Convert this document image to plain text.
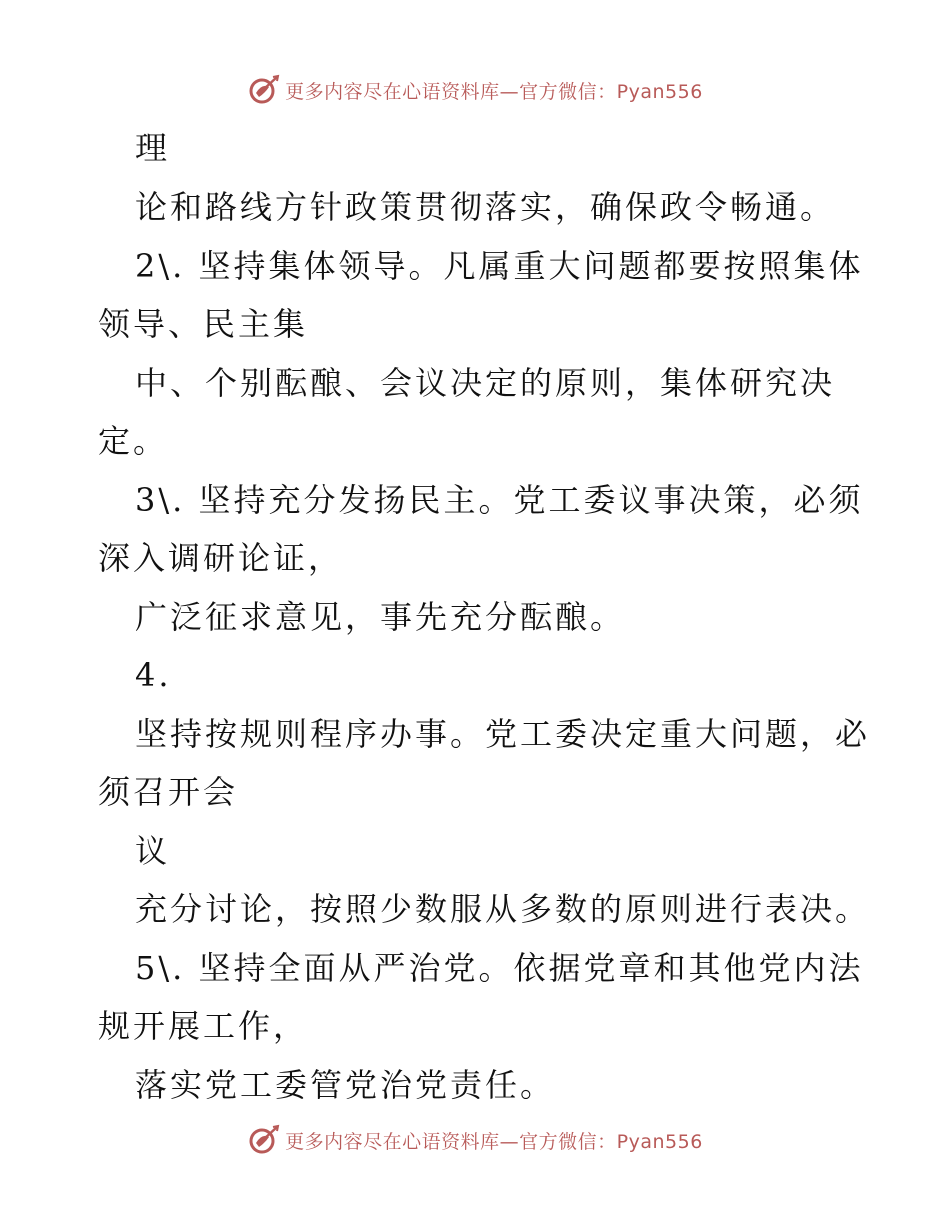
更多内容尽在心语资料库—官方微信：Pyan556

理

论和路线方针政策贯彻落实，确保政令畅通。

2\. 坚持集体领导。凡属重大问题都要按照集体

领导、民主集

中、个别酝酿、会议决定的原则，集体研究决

定。

3\. 坚持充分发扬民主。党工委议事决策，必须

深入调研论证，

广泛征求意见，事先充分酝酿。

4.

坚持按规则程序办事。党工委决定重大问题，必

须召开会

议

充分讨论，按照少数服从多数的原则进行表决。

5\. 坚持全面从严治党。依据党章和其他党内法

规开展工作，

落实党工委管党治党责任。

更多内容尽在心语资料库—官方微信：Pyan556
